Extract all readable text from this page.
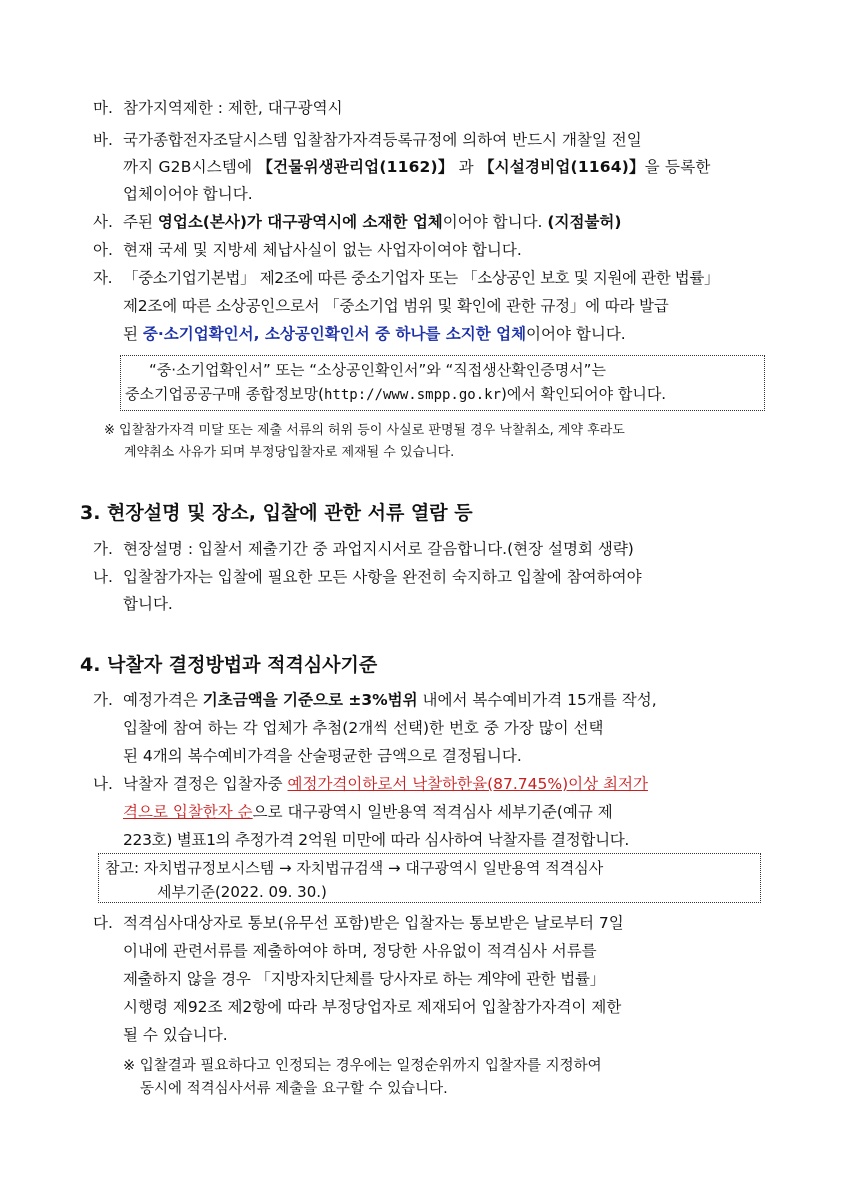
마. 참가지역제한 : 제한, 대구광역시
바. 국가종합전자조달시스템 입찰참가자격등록규정에 의하여 반드시 개찰일 전일
까지 G2B시스템에 【건물위생관리업(1162)】 과 【시설경비업(1164)】을 등록한
업체이어야 합니다.
사. 주된 영업소(본사)가 대구광역시에 소재한 업체이어야 합니다. (지점불허)
아. 현재 국세 및 지방세 체납사실이 없는 사업자이여야 합니다.
자. 「중소기업기본법」 제2조에 따른 중소기업자 또는 「소상공인 보호 및 지원에 관한 법률」
제2조에 따른 소상공인으로서 「중소기업 범위 및 확인에 관한 규정」에 따라 발급
된 중·소기업확인서, 소상공인확인서 중 하나를 소지한 업체이어야 합니다.
“중·소기업확인서” 또는 “소상공인확인서”와 “직접생산확인증명서”는
중소기업공공구매 종합정보망(http://www.smpp.go.kr)에서 확인되어야 합니다.
※ 입찰참가자격 미달 또는 제출 서류의 허위 등이 사실로 판명될 경우 낙찰취소, 계약 후라도
계약취소 사유가 되며 부정당입찰자로 제재될 수 있습니다.
3. 현장설명 및 장소, 입찰에 관한 서류 열람 등
가. 현장설명 : 입찰서 제출기간 중 과업지시서로 갈음합니다.(현장 설명회 생략)
나. 입찰참가자는 입찰에 필요한 모든 사항을 완전히 숙지하고 입찰에 참여하여야
합니다.
4. 낙찰자 결정방법과 적격심사기준
가. 예정가격은 기초금액을 기준으로 ±3%범위 내에서 복수예비가격 15개를 작성,
입찰에 참여 하는 각 업체가 추첨(2개씩 선택)한 번호 중 가장 많이 선택
된 4개의 복수예비가격을 산술평균한 금액으로 결정됩니다.
나. 낙찰자 결정은 입찰자중 예정가격이하로서 낙찰하한율(87.745%)이상 최저가
격으로 입찰한자 순으로 대구광역시 일반용역 적격심사 세부기준(예규 제
223호) 별표1의 추정가격 2억원 미만에 따라 심사하여 낙찰자를 결정합니다.
참고: 자치법규정보시스템 → 자치법규검색 → 대구광역시 일반용역 적격심사
세부기준(2022. 09. 30.)
다. 적격심사대상자로 통보(유무선 포함)받은 입찰자는 통보받은 날로부터 7일
이내에 관련서류를 제출하여야 하며, 정당한 사유없이 적격심사 서류를
제출하지 않을 경우 「지방자치단체를 당사자로 하는 계약에 관한 법률」
시행령 제92조 제2항에 따라 부정당업자로 제재되어 입찰참가자격이 제한
될 수 있습니다.
※ 입찰결과 필요하다고 인정되는 경우에는 일정순위까지 입찰자를 지정하여
동시에 적격심사서류 제출을 요구할 수 있습니다.
